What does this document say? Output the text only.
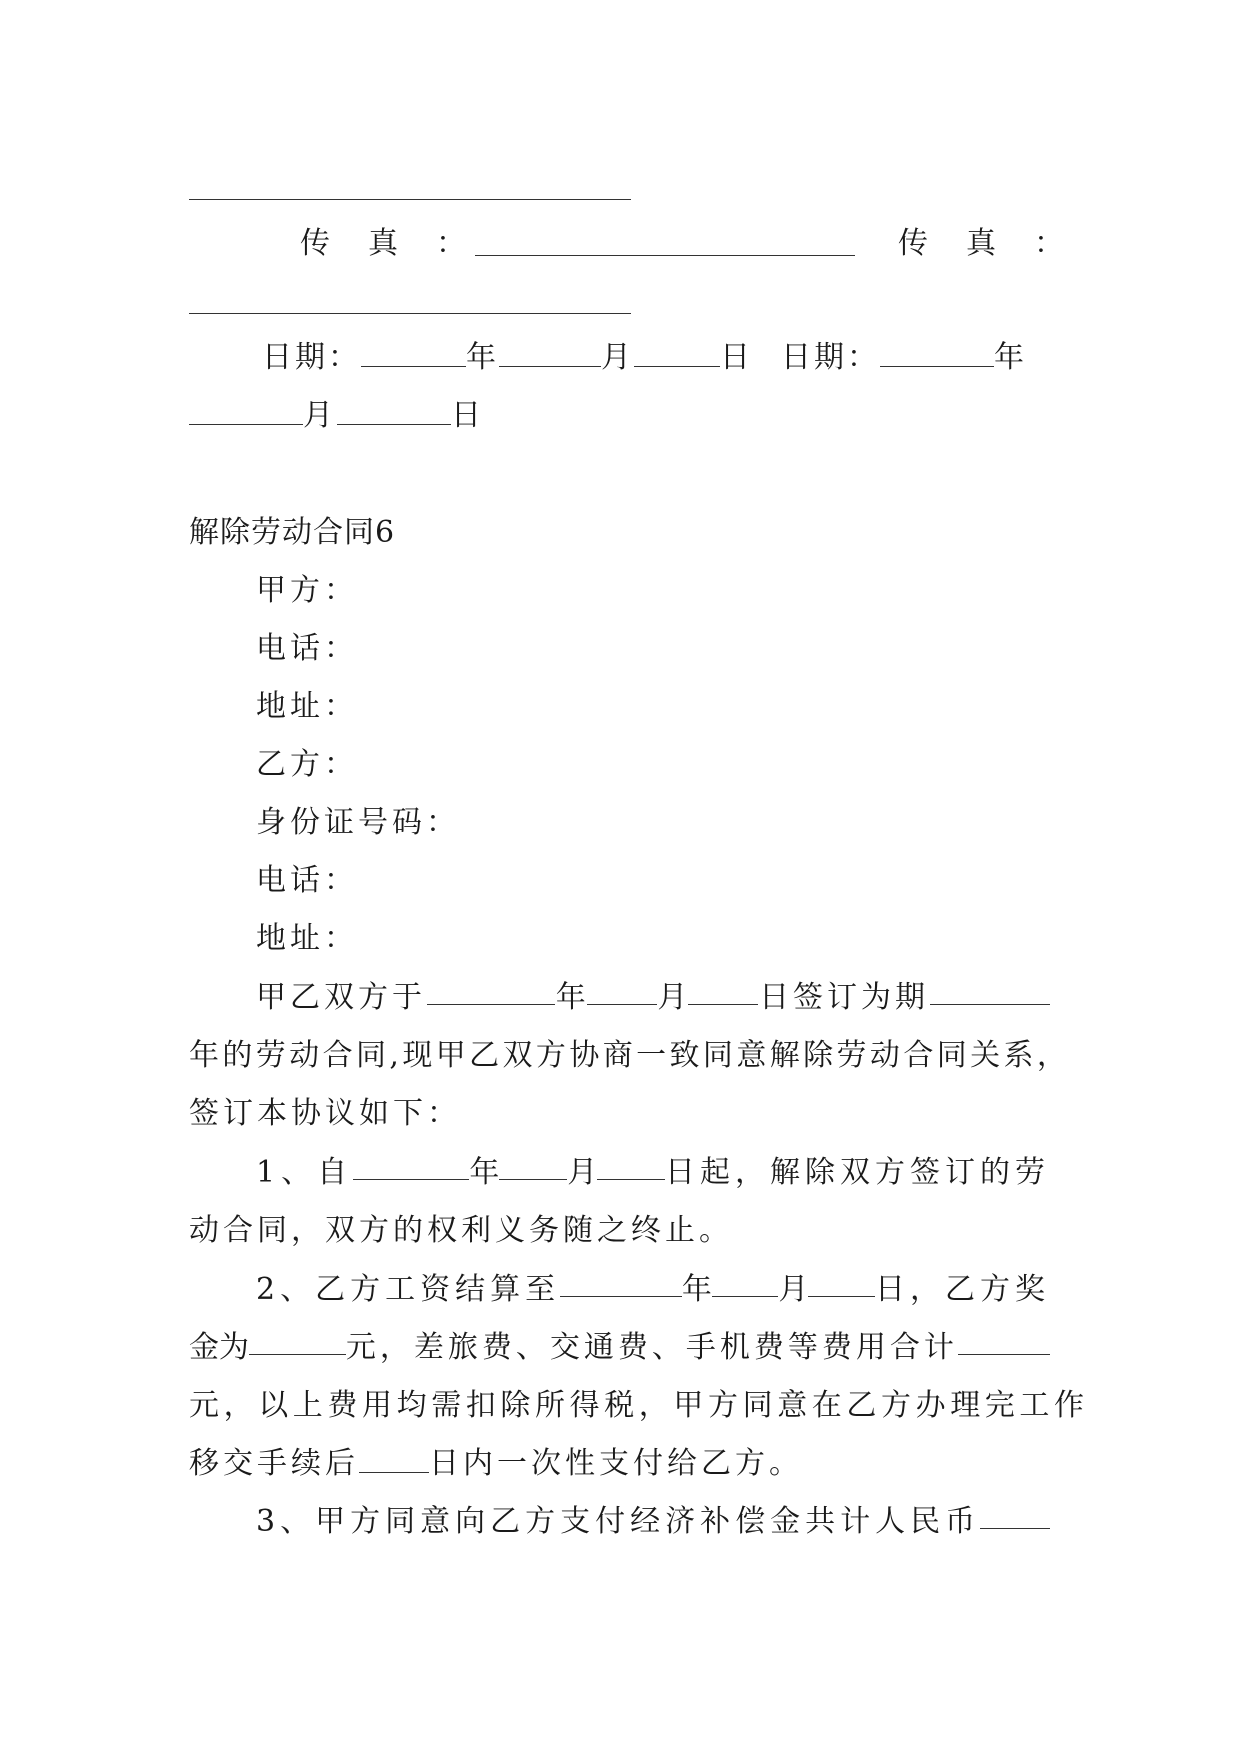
传　真　：	传　真　：
日期：	年	月	日 日期：	年
月	日
解除劳动合同6
甲方：
电话：
地址：
乙方：
身份证号码：
电话：
地址：
甲乙双方于	年 月 日签订为期
年的劳动合同,现甲乙双方协商一致同意解除劳动合同关系，
签订本协议如下：
1、自	年 月 日起，解除双方签订的劳
动合同，双方的权利义务随之终止。
2、乙方工资结算至	年 月 日，乙方奖
金为	元，差旅费、交通费、手机费等费用合计
元，以上费用均需扣除所得税，甲方同意在乙方办理完工作
移交手续后 日内一次性支付给乙方。
3、甲方同意向乙方支付经济补偿金共计人民币
